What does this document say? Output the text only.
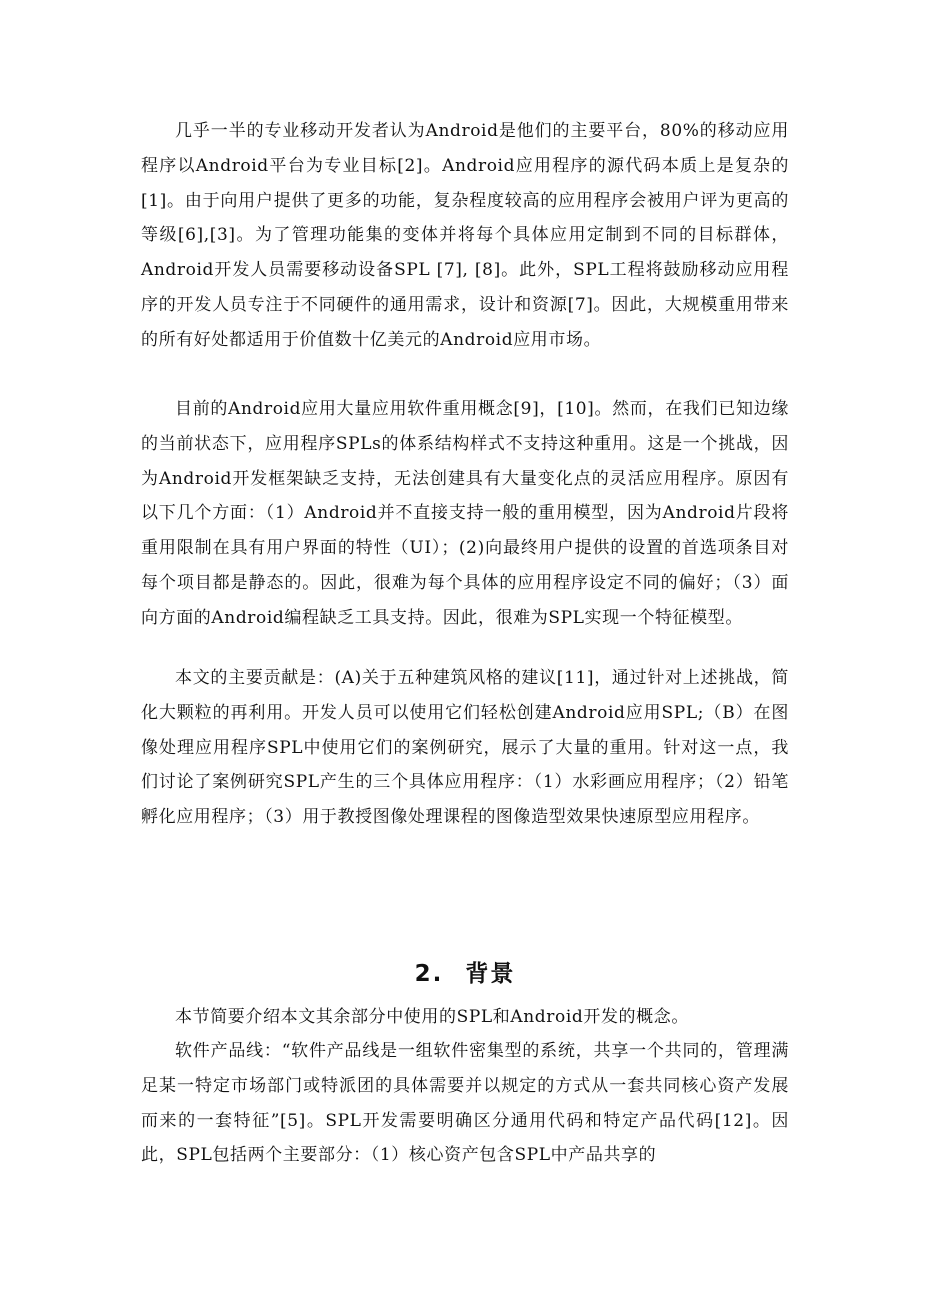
几乎一半的专业移动开发者认为Android是他们的主要平台，80%的移动应用程序以Android平台为专业目标[2]。Android应用程序的源代码本质上是复杂的[1]。由于向用户提供了更多的功能，复杂程度较高的应用程序会被用户评为更高的等级[6],[3]。为了管理功能集的变体并将每个具体应用定制到不同的目标群体，Android开发人员需要移动设备SPL [7], [8]。此外，SPL工程将鼓励移动应用程序的开发人员专注于不同硬件的通用需求，设计和资源[7]。因此，大规模重用带来的所有好处都适用于价值数十亿美元的Android应用市场。

目前的Android应用大量应用软件重用概念[9]，[10]。然而，在我们已知边缘的当前状态下，应用程序SPLs的体系结构样式不支持这种重用。这是一个挑战，因为Android开发框架缺乏支持，无法创建具有大量变化点的灵活应用程序。原因有以下几个方面：（1）Android并不直接支持一般的重用模型，因为Android片段将重用限制在具有用户界面的特性（UI）；(2)向最终用户提供的设置的首选项条目对每个项目都是静态的。因此，很难为每个具体的应用程序设定不同的偏好；（3）面向方面的Android编程缺乏工具支持。因此，很难为SPL实现一个特征模型。

本文的主要贡献是：(A)关于五种建筑风格的建议[11]，通过针对上述挑战，简化大颗粒的再利用。开发人员可以使用它们轻松创建Android应用SPL;（B）在图像处理应用程序SPL中使用它们的案例研究，展示了大量的重用。针对这一点，我们讨论了案例研究SPL产生的三个具体应用程序：（1）水彩画应用程序；（2）铅笔孵化应用程序；（3）用于教授图像处理课程的图像造型效果快速原型应用程序。

2. 背景

本节简要介绍本文其余部分中使用的SPL和Android开发的概念。

软件产品线：“软件产品线是一组软件密集型的系统，共享一个共同的，管理满足某一特定市场部门或特派团的具体需要并以规定的方式从一套共同核心资产发展而来的一套特征”[5]。SPL开发需要明确区分通用代码和特定产品代码[12]。因此，SPL包括两个主要部分：（1）核心资产包含SPL中产品共享的
